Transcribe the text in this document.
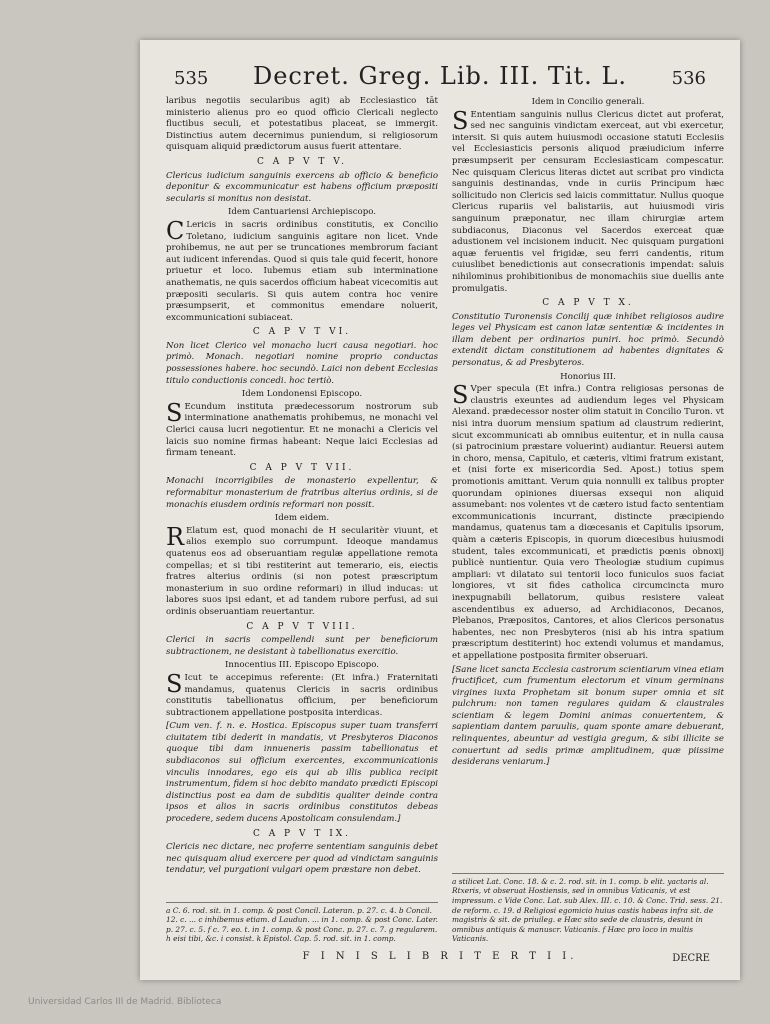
535	Decret. Greg. Lib. III. Tit. L.	536

laribus negotiis secularibus agit) ab Ecclesiastico tāt ministerio alienus pro eo quod officio Clericali neglecto fluctibus seculi, et potestatibus placeat, se immergit. Distinctius autem decernimus puniendum, si religiosorum quisquam aliquid prædictorum ausus fuerit attentare.

C A P V T V.
Clericus iudicium sanguinis exercens ab officio & beneficio deponitur & excommunicatur est habens officium præpositi secularis si monitus non desistat.
Idem Cantuariensi Archiepiscopo.

C Lericis in sacris ordinibus constitutis, ex Concilio Toletano, iudicium sanguinis agitare non licet. Vnde prohibemus, ne aut per se truncationes membrorum faciant aut iudicent inferendas. Quod si quis tale quid fecerit, honore priuetur et loco. Iubemus etiam sub interminatione anathematis, ne quis sacerdos officium habeat vicecomitis aut præpositi secularis. Si quis autem contra hoc venire præsumpserit, et commonitus emendare noluerit, excommunicationi subiaceat.

C A P V T VI.
Non licet Clerico vel monacho lucri causa negotiari. hoc primò. Monach. negotiari nomine proprio conductas possessiones habere. hoc secundò. Laici non debent Ecclesias titulo conductionis concedi. hoc tertiò.
Idem Londonensi Episcopo.

S Ecundum instituta prædecessorum nostrorum sub interminatione anathematis prohibemus, ne monachi vel Clerici causa lucri negotientur. Et ne monachi a Clericis vel laicis suo nomine firmas habeant: Neque laici Ecclesias ad firmam teneant.

C A P V T VII.
Monachi incorrigibiles de monasterio expellentur, & reformabitur monasterium de fratribus alterius ordinis, si de monachis eiusdem ordinis reformari non possit.
Idem eidem.

R Elatum est, quod monachi de H secularitèr viuunt, et alios exemplo suo corrumpunt. Ideoque mandamus quatenus eos ad obseruantiam regulæ appellatione remota compellas; et si tibi restiterint aut temerario, eis, eiectis fratres alterius ordinis (si non potest præscriptum monasterium in suo ordine reformari) in illud inducas: ut labores suos ipsi edant, et ad tandem rubore perfusi, ad sui ordinis obseruantiam reuertantur.

C A P V T VIII.
Clerici in sacris compellendi sunt per beneficiorum subtractionem, ne desistant à tabellionatus exercitio.
Innocentius III. Episcopo Episcopo.

S Icut te accepimus referente: (Et infra.) Fraternitati mandamus, quatenus Clericis in sacris ordinibus constitutis tabellionatus officium, per beneficiorum subtractionem appellatione postposita interdicas.

[Cum ven. f. n. e. Hostica. Episcopus super tuam transferri ciuitatem tibi dederit in mandatis, vt Presbyteros Diaconos quoque tibi dam innueneris passim tabellionatus et subdiaconos sui officium exercentes, excommunicationis vinculis innodares, ego eis qui ab illis publica recipit instrumentum, fidem si hoc debito mandato prædicti Episcopi distinctius post ea dam de subditis qualiter deinde contra ipsos et alios in sacris ordinibus constitutos debeas procedere, sedem ducens Apostolicam consulendam.]

C A P V T IX.
Clericis nec dictare, nec proferre sententiam sanguinis debet nec quisquam aliud exercere per quod ad vindictam sanguinis tendatur, vel purgationi vulgari opem præstare non debet.
Idem in Concilio generali.

S Ententiam sanguinis nullus Clericus dictet aut proferat, sed nec sanguinis vindictam exerceat, aut vbi exercetur, intersit. Si quis autem huiusmodi occasione statuti Ecclesiis vel Ecclesiasticis personis aliquod præiudicium inferre præsumpserit per censuram Ecclesiasticam compescatur. Nec quisquam Clericus literas dictet aut scribat pro vindicta sanguinis destinandas, vnde in curiis Principum hæc sollicitudo non Clericis sed laicis committatur. Nullus quoque Clericus rupariis vel balistariis, aut huiusmodi viris sanguinum præponatur, nec illam chirurgiæ artem subdiaconus, Diaconus vel Sacerdos exerceat quæ adustionem vel incisionem inducit. Nec quisquam purgationi aquæ feruentis vel frigidæ, seu ferri candentis, ritum cuiuslibet benedictionis aut consecrationis impendat: saluis nihilominus prohibitionibus de monomachiis siue duellis ante promulgatis.

C A P V T X.
Constitutio Turonensis Concilij quæ inhibet religiosos audire leges vel Physicam est canon latæ sententiæ & incidentes in illam debent per ordinarios puniri. hoc primò. Secundò extendit dictam constitutionem ad habentes dignitates & personatus, & ad Presbyteros.
Honorius III.

S Vper specula (Et infra.) Contra religiosas personas de claustris exeuntes ad audiendum leges vel Physicam Alexand. prædecessor noster olim statuit in Concilio Turon. vt nisi intra duorum mensium spatium ad claustrum redierint, sicut excommunicati ab omnibus euitentur, et in nulla causa (si patrocinium præstare voluerint) audiantur. Reuersi autem in choro, mensa, Capitulo, et cæteris, vltimi fratrum existant, et (nisi forte ex misericordia Sed. Apost.) totius spem promotionis amittant. Verum quia nonnulli ex talibus propter quorundam opiniones diuersas exsequi non aliquid assumebant: nos volentes vt de cætero istud facto sententiam excommunicationis incurrant, distincte præcipiendo mandamus, quatenus tam a diœcesanis et Capitulis ipsorum, quàm a cæteris Episcopis, in quorum diœcesibus huiusmodi student, tales excommunicati, et prædictis pœnis obnoxij publicè nuntientur. Quia vero Theologiæ studium cupimus ampliari: vt dilatato sui tentorii loco funiculos suos faciat longiores, vt sit fides catholica circumcincta muro inexpugnabili bellatorum, quibus resistere valeat ascendentibus ex aduerso, ad Archidiaconos, Decanos, Plebanos, Præpositos, Cantores, et alios Clericos personatus habentes, nec non Presbyteros (nisi ab his intra spatium præscriptum destiterint) hoc extendi volumus et mandamus, et appellatione postposita firmiter obseruari.

[Sane licet sancta Ecclesia castrorum scientiarum vinea etiam fructificet, cum frumentum electorum et vinum germinans virgines iuxta Prophetam sit bonum super omnia et sit pulchrum: non tamen regulares quidam & claustrales scientiam & legem Domini animas conuertentem, & sapientiam dantem paruulis, quam sponte amare debuerant, relinquentes, abeuntur ad vestigia gregum, & sibi illicite se conuertunt ad sedis primæ amplitudinem, quæ piissime desiderans veniarum.]

a C. 6. rod. sit. in 1. comp. & post Concil. Lateran. p. 27. c. 4. b Concil. 12. c. ... c inhibemus etiam. d Laudun. ... in 1. comp. & post Conc. Later. p. 27. c. 5. f c. 7. eo. t. in 1. comp. & post Conc. p. 27. c. 7. g regularem. h eisi tibi, &c. i consist. k Epistol. Cap. 5. rod. sit. in 1. comp.
a stilicet Lat. Conc. 18. & c. 2. rod. sit. in 1. comp. b elit. yactaris al. Rtxeris, vt obseruat Hostiensis, sed in omnibus Vaticanis, vt est impressum. c Vide Conc. Lat. sub Alex. III. c. 10. & Conc. Trid. sess. 21. de reform. c. 19. d Religiosi egomicio huius castis habeas infra sit. de magistris & sit. de priuileg. e Hæc sito sede de claustris, desunt in omnibus antiquis & manuscr. Vaticanis. f Hæc pro loco in multis Vaticanis.
F I N I S L I B R I T E R T I I.	DECRE
Universidad Carlos III de Madrid. Biblioteca
